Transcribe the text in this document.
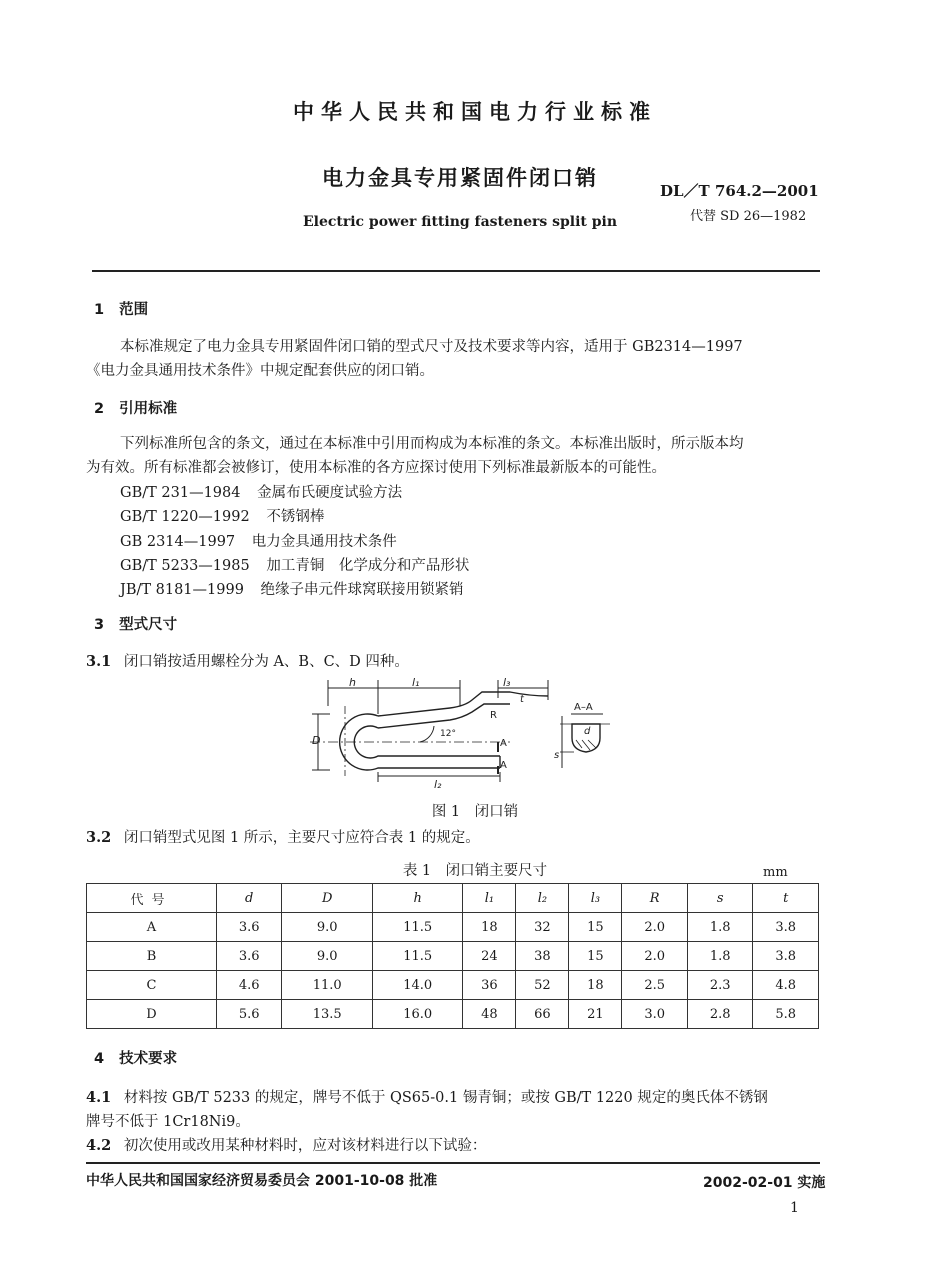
中华人民共和国电力行业标准
电力金具专用紧固件闭口销
Electric power fitting fasteners split pin
DL／T 764.2—2001
代替 SD 26—1982
1 范围
本标准规定了电力金具专用紧固件闭口销的型式尺寸及技术要求等内容，适用于 GB2314—1997
《电力金具通用技术条件》中规定配套供应的闭口销。
2 引用标准
下列标准所包含的条文，通过在本标准中引用而构成为本标准的条文。本标准出版时，所示版本均
为有效。所有标准都会被修订，使用本标准的各方应探讨使用下列标准最新版本的可能性。
GB/T 231—1984 金属布氏硬度试验方法
GB/T 1220—1992 不锈钢棒
GB 2314—1997 电力金具通用技术条件
GB/T 5233—1985 加工青铜　化学成分和产品形状
JB/T 8181—1999 绝缘子串元件球窝联接用锁紧销
3 型式尺寸
3.1 闭口销按适用螺栓分为 A、B、C、D 四种。
h	l₁	l₃
t
R
D	12°
A
A
l₂
A–A
d
s
图 1　闭口销
3.2 闭口销型式见图 1 所示，主要尺寸应符合表 1 的规定。
表 1　闭口销主要尺寸	mm
代号	d	D	h	l₁	l₂	l₃	R	s	t
A	3.6	9.0	11.5	18	32	15	2.0	1.8	3.8
B	3.6	9.0	11.5	24	38	15	2.0	1.8	3.8
C	4.6	11.0	14.0	36	52	18	2.5	2.3	4.8
D	5.6	13.5	16.0	48	66	21	3.0	2.8	5.8
4 技术要求
4.1 材料按 GB/T 5233 的规定，牌号不低于 QS65-0.1 锡青铜；或按 GB/T 1220 规定的奥氏体不锈钢
牌号不低于 1Cr18Ni9。
4.2 初次使用或改用某种材料时，应对该材料进行以下试验：
中华人民共和国国家经济贸易委员会 2001-10-08 批准	2002-02-01 实施
1
